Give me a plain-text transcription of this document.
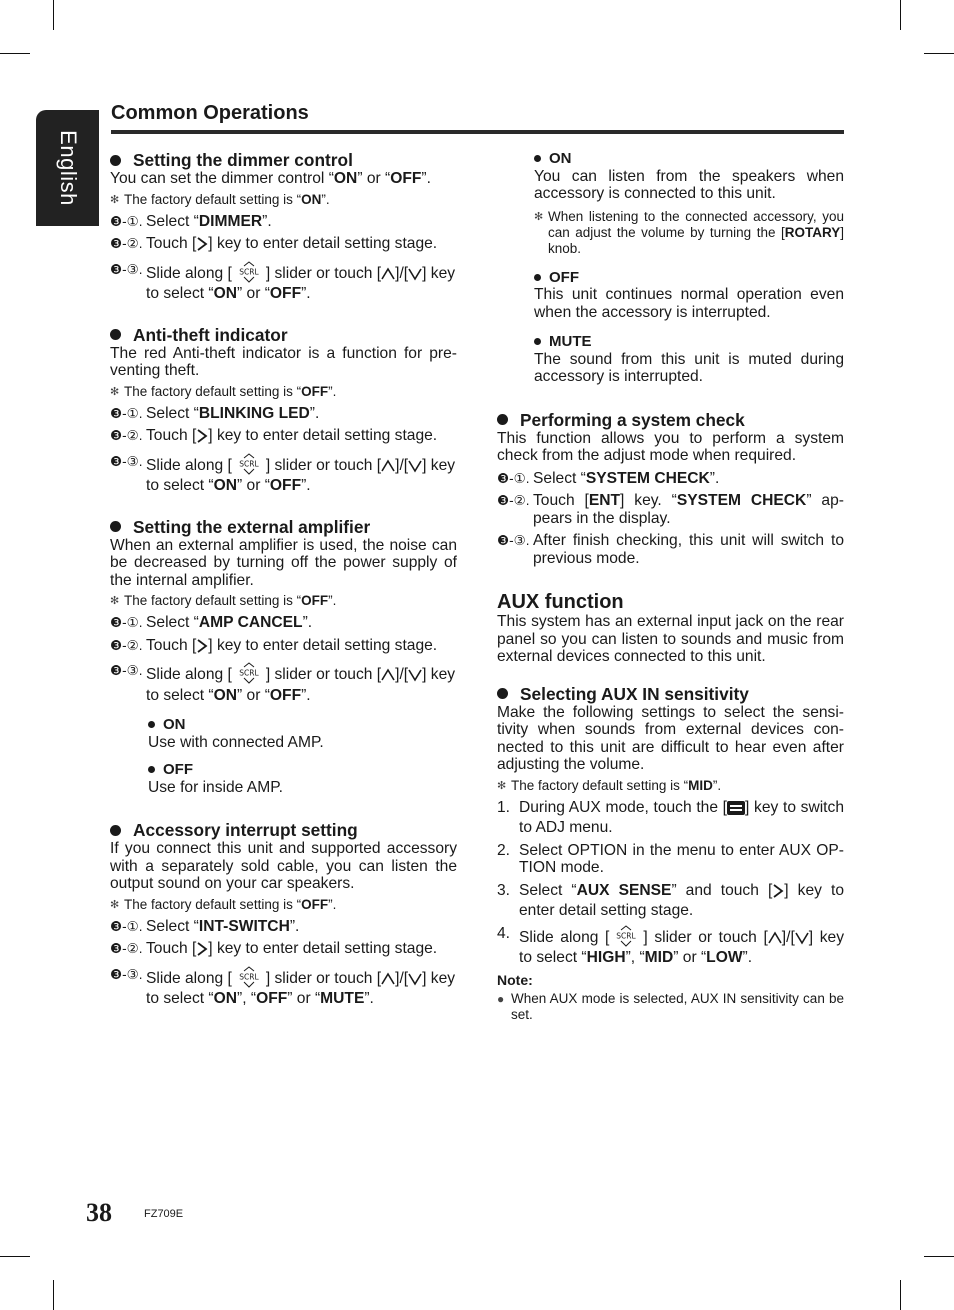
English
Common Operations
Setting the dimmer control

You can set the dimmer control “ON” or “OFF”.

✻ The factory default setting is “ON”.
❸-①. Select “DIMMER”.
❸-②. Touch [ ] key to enter detail setting stage.
❸-③. Slide along [ SCRL ] slider or touch [ ]/[ ] key to select “ON” or “OFF”.
Anti-theft indicator

The red Anti-theft indicator is a function for pre-venting theft.

✻ The factory default setting is “OFF”.
❸-①. Select “BLINKING LED”.
❸-②. Touch [ ] key to enter detail setting stage.
❸-③. Slide along [ SCRL ] slider or touch [ ]/[ ] key to select “ON” or “OFF”.
Setting the external amplifier

When an external amplifier is used, the noise can be decreased by turning off the power supply of the internal amplifier.

✻ The factory default setting is “OFF”.
❸-①. Select “AMP CANCEL”.
❸-②. Touch [ ] key to enter detail setting stage.
❸-③. Slide along [ SCRL ] slider or touch [ ]/[ ] key to select “ON” or “OFF”.
ON
Use with connected AMP.
OFF
Use for inside AMP.
Accessory interrupt setting

If you connect this unit and supported accessory with a separately sold cable, you can listen the output sound on your car speakers.

✻ The factory default setting is “OFF”.
❸-①. Select “INT-SWITCH”.
❸-②. Touch [ ] key to enter detail setting stage.
❸-③. Slide along [ SCRL ] slider or touch [ ]/[ ] key to select “ON”, “OFF” or “MUTE”.
ON

You can listen from the speakers when accessory is connected to this unit.

✻ When listening to the connected accessory, you can adjust the volume by turning the [ROTARY] knob.
OFF

This unit continues normal operation even when the accessory is interrupted.

MUTE

The sound from this unit is muted during accessory is interrupted.

Performing a system check

This function allows you to perform a system check from the adjust mode when required.

❸-①. Select “SYSTEM CHECK”.
❸-②. Touch [ENT] key. “SYSTEM CHECK” ap-pears in the display.
❸-③. After finish checking, this unit will switch to previous mode.
AUX function

This system has an external input jack on the rear panel so you can listen to sounds and music from external devices connected to this unit.

Selecting AUX IN sensitivity

Make the following settings to select the sensi-tivity when sounds from external devices con-nected to this unit are difficult to hear even after adjusting the volume.

✻ The factory default setting is “MID”.
1. During AUX mode, touch the [ ] key to switch to ADJ menu.
2. Select OPTION in the menu to enter AUX OP-TION mode.
3. Select “AUX SENSE” and touch [ ] key to enter detail setting stage.
4. Slide along [ SCRL ] slider or touch [ ]/[ ] key to select “HIGH”, “MID” or “LOW”.
Note:
● When AUX mode is selected, AUX IN sensitivity can be set.
38	FZ709E
